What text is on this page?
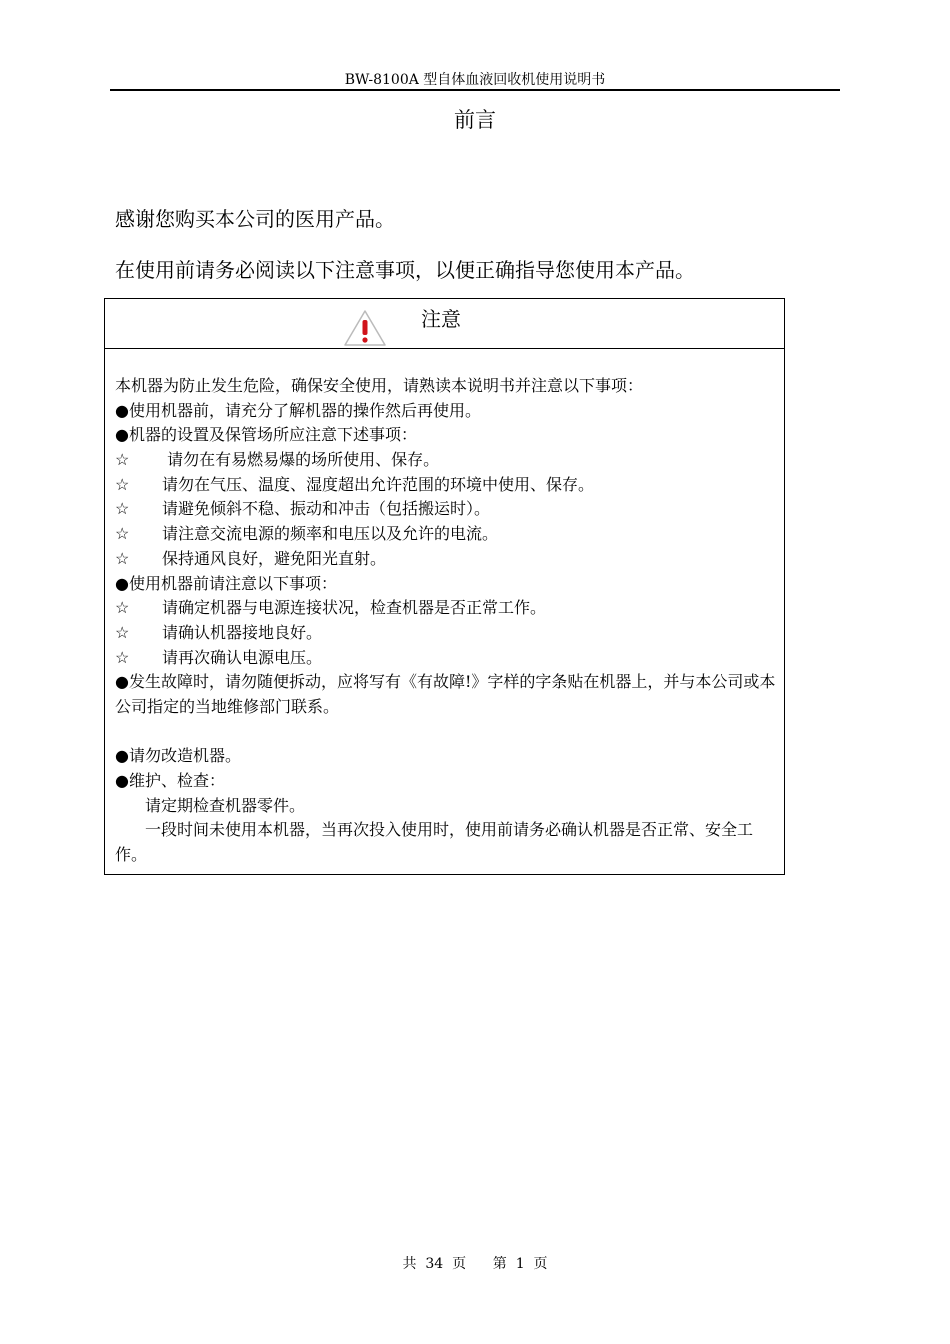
BW-8100A 型自体血液回收机使用说明书
前言
感谢您购买本公司的医用产品。
在使用前请务必阅读以下注意事项，以便正确指导您使用本产品。
注意
本机器为防止发生危险，确保安全使用，请熟读本说明书并注意以下事项：
●使用机器前，请充分了解机器的操作然后再使用。
●机器的设置及保管场所应注意下述事项：
☆ 请勿在有易燃易爆的场所使用、保存。
☆ 请勿在气压、温度、湿度超出允许范围的环境中使用、保存。
☆ 请避免倾斜不稳、振动和冲击（包括搬运时）。
☆ 请注意交流电源的频率和电压以及允许的电流。
☆ 保持通风良好，避免阳光直射。
●使用机器前请注意以下事项：
☆ 请确定机器与电源连接状况，检查机器是否正常工作。
☆ 请确认机器接地良好。
☆ 请再次确认电源电压。
●发生故障时，请勿随便拆动，应将写有《有故障!》字样的字条贴在机器上，并与本公司或本公司指定的当地维修部门联系。
●请勿改造机器。
●维护、检查：
请定期检查机器零件。
一段时间未使用本机器，当再次投入使用时，使用前请务必确认机器是否正常、安全工作。
共 34 页 第 1 页
